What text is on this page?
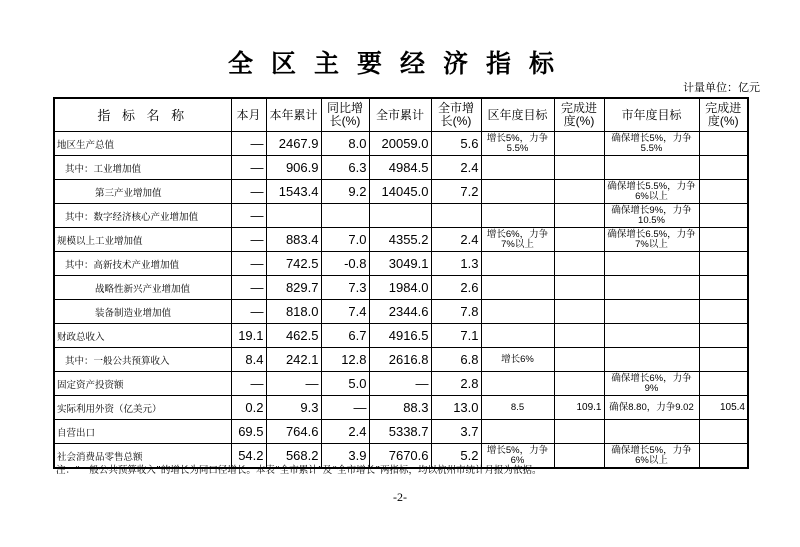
全区主要经济指标
计量单位：亿元
指 标 名 称	本月	本年累计	同比增长(%)	全市累计	全市增长(%)	区年度目标	完成进度(%)	市年度目标	完成进度(%)
地区生产总值	—	2467.9	8.0	20059.0	5.6	增长5%，力争5.5%		确保增长5%，力争5.5%	
其中：工业增加值	—	906.9	6.3	4984.5	2.4				
第三产业增加值	—	1543.4	9.2	14045.0	7.2			确保增长5.5%，力争6%以上	
其中：数字经济核心产业增加值	—							确保增长9%，力争10.5%	
规模以上工业增加值	—	883.4	7.0	4355.2	2.4	增长6%，力争7%以上		确保增长6.5%，力争7%以上	
其中：高新技术产业增加值	—	742.5	-0.8	3049.1	1.3				
战略性新兴产业增加值	—	829.7	7.3	1984.0	2.6				
装备制造业增加值	—	818.0	7.4	2344.6	7.8				
财政总收入	19.1	462.5	6.7	4916.5	7.1				
其中：一般公共预算收入	8.4	242.1	12.8	2616.8	6.8	增长6%			
固定资产投资额	—	—	5.0	—	2.8			确保增长6%，力争9%	
实际利用外资（亿美元）	0.2	9.3	—	88.3	13.0	8.5	109.1	确保8.80，力争9.02	105.4
自营出口	69.5	764.6	2.4	5338.7	3.7				
社会消费品零售总额	54.2	568.2	3.9	7670.6	5.2	增长5%，力争6%		确保增长5%，力争6%以上	
注：“一般公共预算收入”的增长为同口径增长。本表“全市累计”及“全市增长”两指标，均以杭州市统计月报为依据。
-2-
